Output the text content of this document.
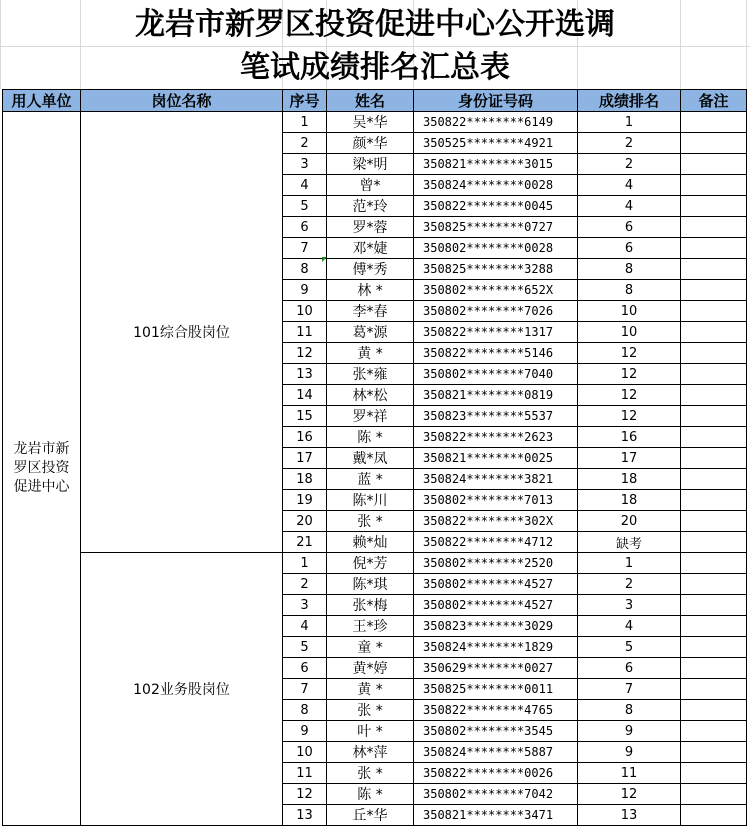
龙岩市新罗区投资促进中心公开选调
笔试成绩排名汇总表
用人单位	岗位名称	序号	姓名	身份证号码	成绩排名	备注
龙岩市新罗区投资促进中心	101综合股岗位	1	吴*华	350822********6149	1	
		2	颜*华	350525********4921	2	
		3	梁*明	350821********3015	2	
		4	曾*	350824********0028	4	
		5	范*玲	350822********0045	4	
		6	罗*蓉	350825********0727	6	
		7	邓*婕	350802********0028	6	
		8	傅*秀	350825********3288	8	
		9	林 *	350802********652X	8	
		10	李*春	350802********7026	10	
		11	葛*源	350822********1317	10	
		12	黄 *	350822********5146	12	
		13	张*雍	350802********7040	12	
		14	林*松	350821********0819	12	
		15	罗*祥	350823********5537	12	
		16	陈 *	350822********2623	16	
		17	戴*凤	350821********0025	17	
		18	蓝 *	350824********3821	18	
		19	陈*川	350802********7013	18	
		20	张 *	350822********302X	20	
		21	赖*灿	350822********4712	缺考	
	102业务股岗位	1	倪*芳	350802********2520	1	
		2	陈*琪	350802********4527	2	
		3	张*梅	350802********4527	3	
		4	王*珍	350823********3029	4	
		5	童 *	350824********1829	5	
		6	黄*婷	350629********0027	6	
		7	黄 *	350825********0011	7	
		8	张 *	350822********4765	8	
		9	叶 *	350802********3545	9	
		10	林*萍	350824********5887	9	
		11	张 *	350822********0026	11	
		12	陈 *	350802********7042	12	
		13	丘*华	350821********3471	13	
